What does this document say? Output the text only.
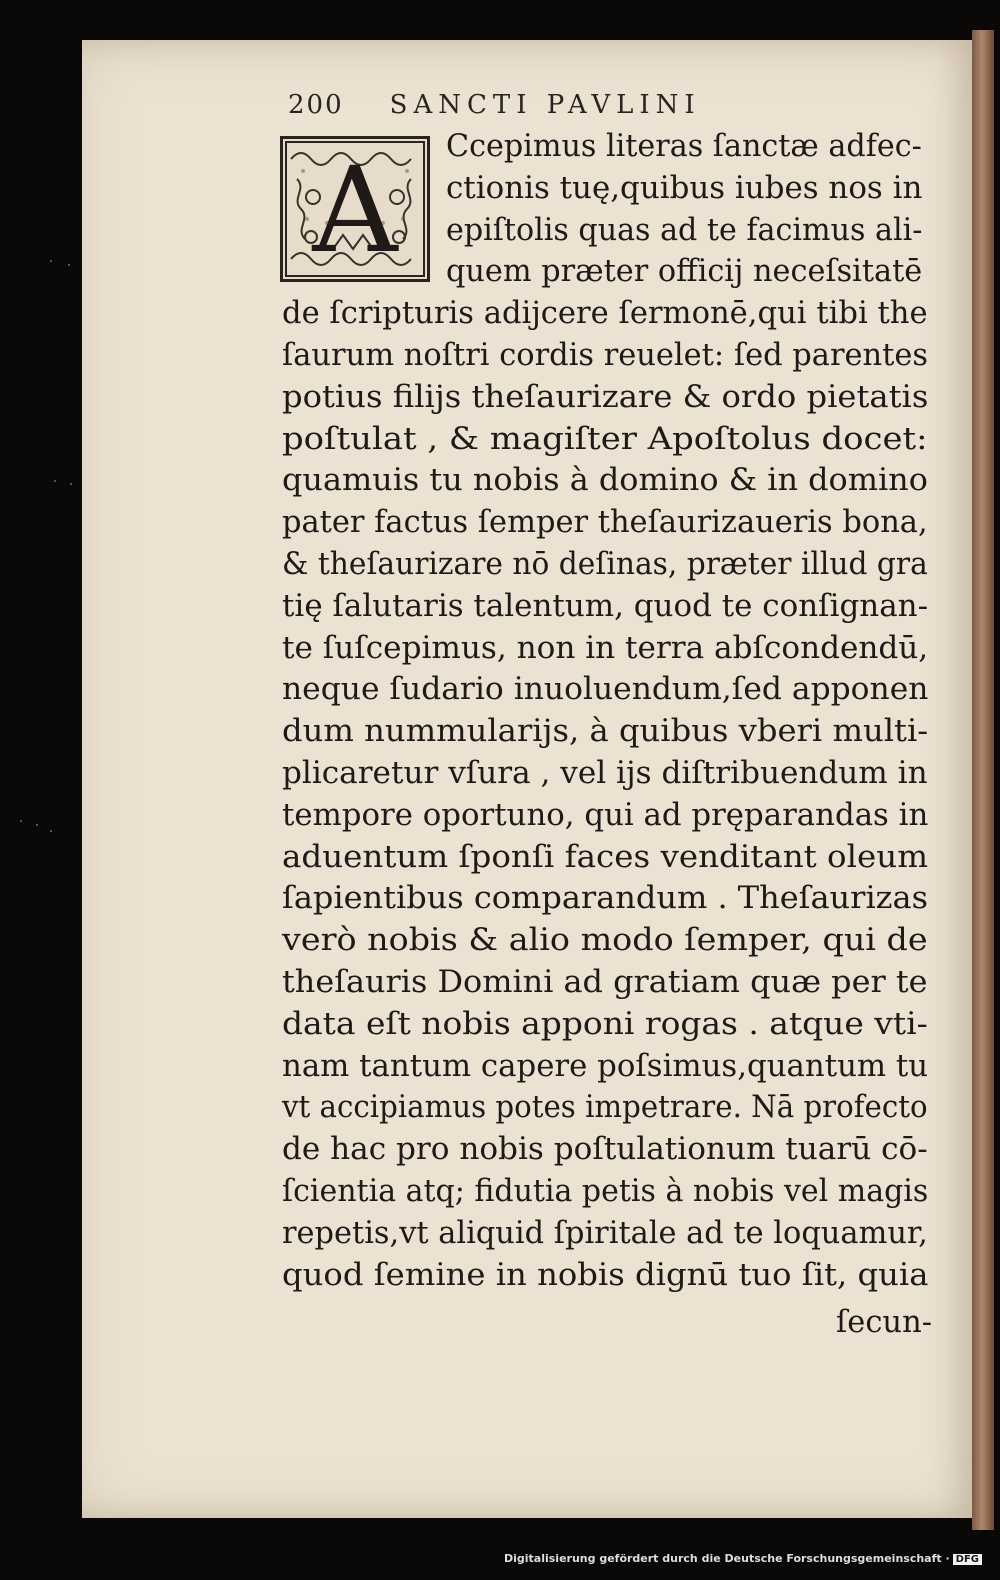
200 SANCTI PAVLINI
A	Ccepimus literas ſanctæ adfec-
ctionis tuę,quibus iubes nos in
epiſtolis quas ad te facimus ali-
quem præter officij neceſsitatē
de ſcripturis adijcere ſermonē,qui tibi the
ſaurum noſtri cordis reuelet: ſed parentes
potius filijs theſaurizare & ordo pietatis
poſtulat , & magiſter Apoſtolus docet:
quamuis tu nobis à domino & in domino
pater factus ſemper theſaurizaueris bona,
& theſaurizare nō deſinas, præter illud gra
tię ſalutaris talentum, quod te conſignan-
te ſuſcepimus, non in terra abſcondendū,
neque ſudario inuoluendum,ſed apponen
dum nummularijs, à quibus vberi multi-
plicaretur vſura , vel ijs diſtribuendum in
tempore oportuno, qui ad pręparandas in
aduentum ſponſi faces venditant oleum
ſapientibus comparandum . Theſaurizas
verò nobis & alio modo ſemper, qui de
theſauris Domini ad gratiam quæ per te
data eſt nobis apponi rogas . atque vti-
nam tantum capere poſsimus,quantum tu
vt accipiamus potes impetrare. Nā profecto
de hac pro nobis poſtulationum tuarū cō-
ſcientia atq; fidutia petis à nobis vel magis
repetis,vt aliquid ſpiritale ad te loquamur,
quod ſemine in nobis dignū tuo ſit, quia
ſecun-
Digitalisierung gefördert durch die Deutsche Forschungsgemeinschaft · DFG
